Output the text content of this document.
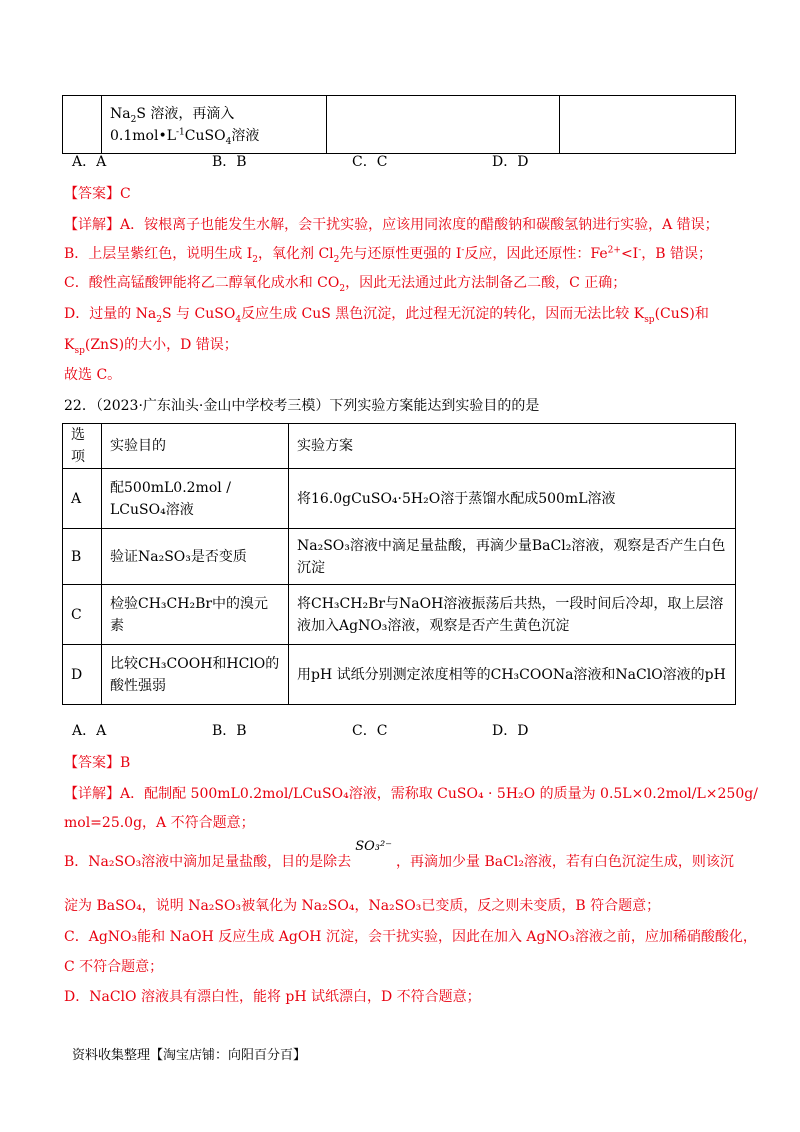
$Na_2S$ 溶液，再滴入
$0.1mol•L^{-1}CuSO_4$溶液

A．A	B．B	C．C	D．D
【答案】C
【详解】A．铵根离子也能发生水解，会干扰实验，应该用同浓度的醋酸钠和碳酸氢钠进行实验，A 错误；
B．上层呈紫红色，说明生成 $I_2$，氧化剂 $Cl_2$先与还原性更强的 I-反应，因此还原性：$Fe^{2+}<I^-$，B 错误；
C．酸性高锰酸钾能将乙二醇氧化成水和 $CO_2$，因此无法通过此方法制备乙二酸，C 正确；
D．过量的 $Na_2S$ 与 CuSO$_4$反应生成 CuS 黑色沉淀，此过程无沉淀的转化，因而无法比较 $K_{sp}(CuS)$和
$K_{sp}(ZnS)$的大小，D 错误；
故选 C。
22．（2023·广东汕头·金山中学校考三模）下列实验方案能达到实验目的的是
选项	实验目的	实验方案
A	配500mL0.2mol / LCuSO₄溶液	将16.0gCuSO₄·5H₂O溶于蒸馏水配成500mL溶液
B	验证Na₂SO₃是否变质	Na₂SO₃溶液中滴足量盐酸，再滴少量BaCl₂溶液，观察是否产生白色沉淀
C	检验CH₃CH₂Br中的溴元素	将CH₃CH₂Br与NaOH溶液振荡后共热，一段时间后冷却，取上层溶液加入AgNO₃溶液，观察是否产生黄色沉淀
D	比较CH₃COOH和HClO的酸性强弱	用pH 试纸分别测定浓度相等的CH₃COONa溶液和NaClO溶液的pH
A．A	B．B	C．C	D．D
【答案】B
【详解】A．配制配 500mL0.2mol/LCuSO₄溶液，需称取 CuSO₄ · 5H₂O 的质量为 0.5L×0.2mol/L×250g/
mol=25.0g，A 不符合题意；
B．Na₂SO₃溶液中滴加足量盐酸，目的是除去SO₃²⁻，再滴加少量 BaCl₂溶液，若有白色沉淀生成，则该沉
淀为 BaSO₄，说明 Na₂SO₃被氧化为 Na₂SO₄，Na₂SO₃已变质，反之则未变质，B 符合题意；
C．AgNO₃能和 NaOH 反应生成 AgOH 沉淀，会干扰实验，因此在加入 AgNO₃溶液之前，应加稀硝酸酸化，
C 不符合题意；
D．NaClO 溶液具有漂白性，能将 pH 试纸漂白，D 不符合题意；
资料收集整理【淘宝店铺：向阳百分百】
